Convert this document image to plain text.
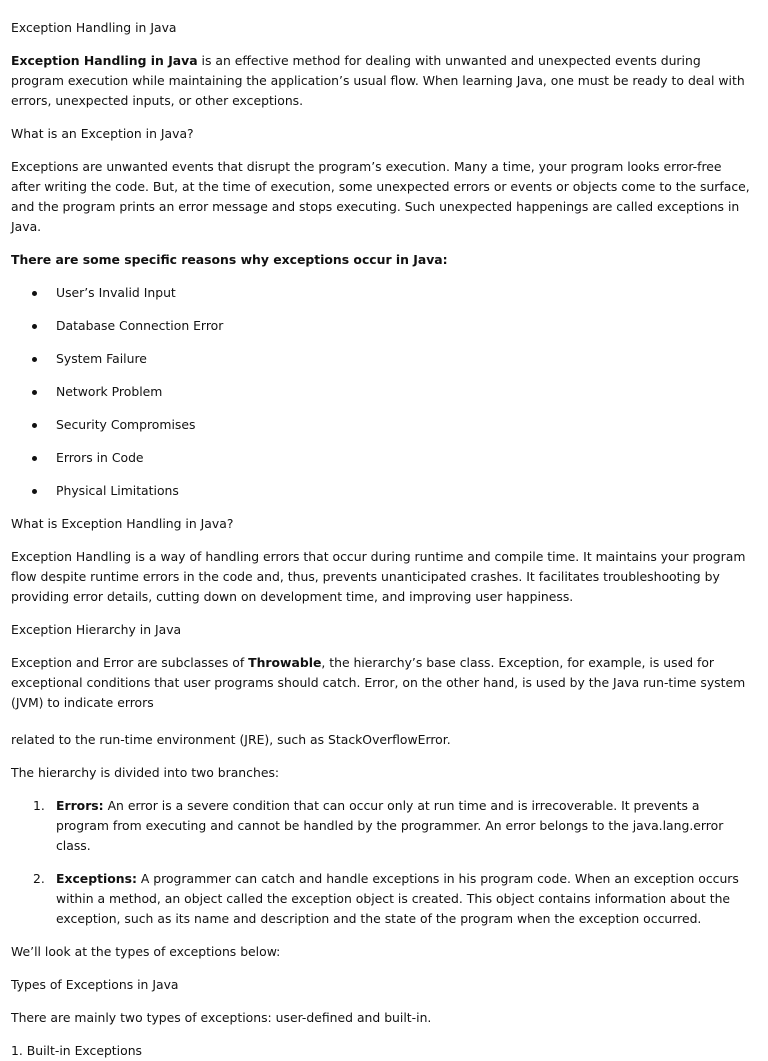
Exception Handling in Java

Exception Handling in Java is an effective method for dealing with unwanted and unexpected events during program execution while maintaining the application’s usual flow. When learning Java, one must be ready to deal with errors, unexpected inputs, or other exceptions.

What is an Exception in Java?

Exceptions are unwanted events that disrupt the program’s execution. Many a time, your program looks error-free after writing the code. But, at the time of execution, some unexpected errors or events or objects come to the surface, and the program prints an error message and stops executing. Such unexpected happenings are called exceptions in Java.

There are some specific reasons why exceptions occur in Java:

User’s Invalid Input
Database Connection Error
System Failure
Network Problem
Security Compromises
Errors in Code
Physical Limitations

What is Exception Handling in Java?

Exception Handling is a way of handling errors that occur during runtime and compile time. It maintains your program flow despite runtime errors in the code and, thus, prevents unanticipated crashes. It facilitates troubleshooting by providing error details, cutting down on development time, and improving user happiness.

Exception Hierarchy in Java

Exception and Error are subclasses of Throwable, the hierarchy’s base class. Exception, for example, is used for exceptional conditions that user programs should catch. Error, on the other hand, is used by the Java run-time system (JVM) to indicate errors

related to the run-time environment (JRE), such as StackOverflowError.

The hierarchy is divided into two branches:

1. Errors: An error is a severe condition that can occur only at run time and is irrecoverable. It prevents a program from executing and cannot be handled by the programmer. An error belongs to the java.lang.error class.
2. Exceptions: A programmer can catch and handle exceptions in his program code. When an exception occurs within a method, an object called the exception object is created. This object contains information about the exception, such as its name and description and the state of the program when the exception occurred.

We’ll look at the types of exceptions below:

Types of Exceptions in Java

There are mainly two types of exceptions: user-defined and built-in.

1. Built-in Exceptions
